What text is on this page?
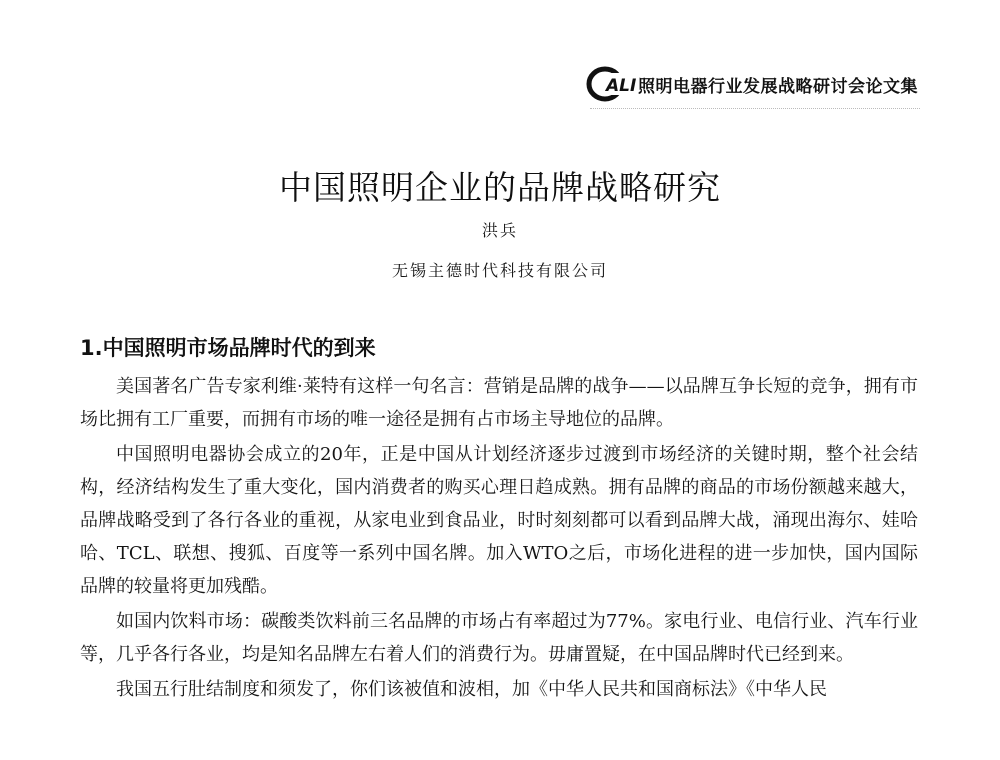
ALI 照明电器行业发展战略研讨会论文集
中国照明企业的品牌战略研究
洪兵
无锡主德时代科技有限公司
1.中国照明市场品牌时代的到来

美国著名广告专家利维·莱特有这样一句名言：营销是品牌的战争——以品牌互争长短的竞争，拥有市场比拥有工厂重要，而拥有市场的唯一途径是拥有占市场主导地位的品牌。

中国照明电器协会成立的20年，正是中国从计划经济逐步过渡到市场经济的关键时期，整个社会结构，经济结构发生了重大变化，国内消费者的购买心理日趋成熟。拥有品牌的商品的市场份额越来越大，品牌战略受到了各行各业的重视，从家电业到食品业，时时刻刻都可以看到品牌大战，涌现出海尔、娃哈哈、TCL、联想、搜狐、百度等一系列中国名牌。加入WTO之后，市场化进程的进一步加快，国内国际品牌的较量将更加残酷。

如国内饮料市场：碳酸类饮料前三名品牌的市场占有率超过为77%。家电行业、电信行业、汽车行业等，几乎各行各业，均是知名品牌左右着人们的消费行为。毋庸置疑，在中国品牌时代已经到来。

我国五行肚结制度和须发了，你们该被值和波相，加《中华人民共和国商标法》《中华人民
